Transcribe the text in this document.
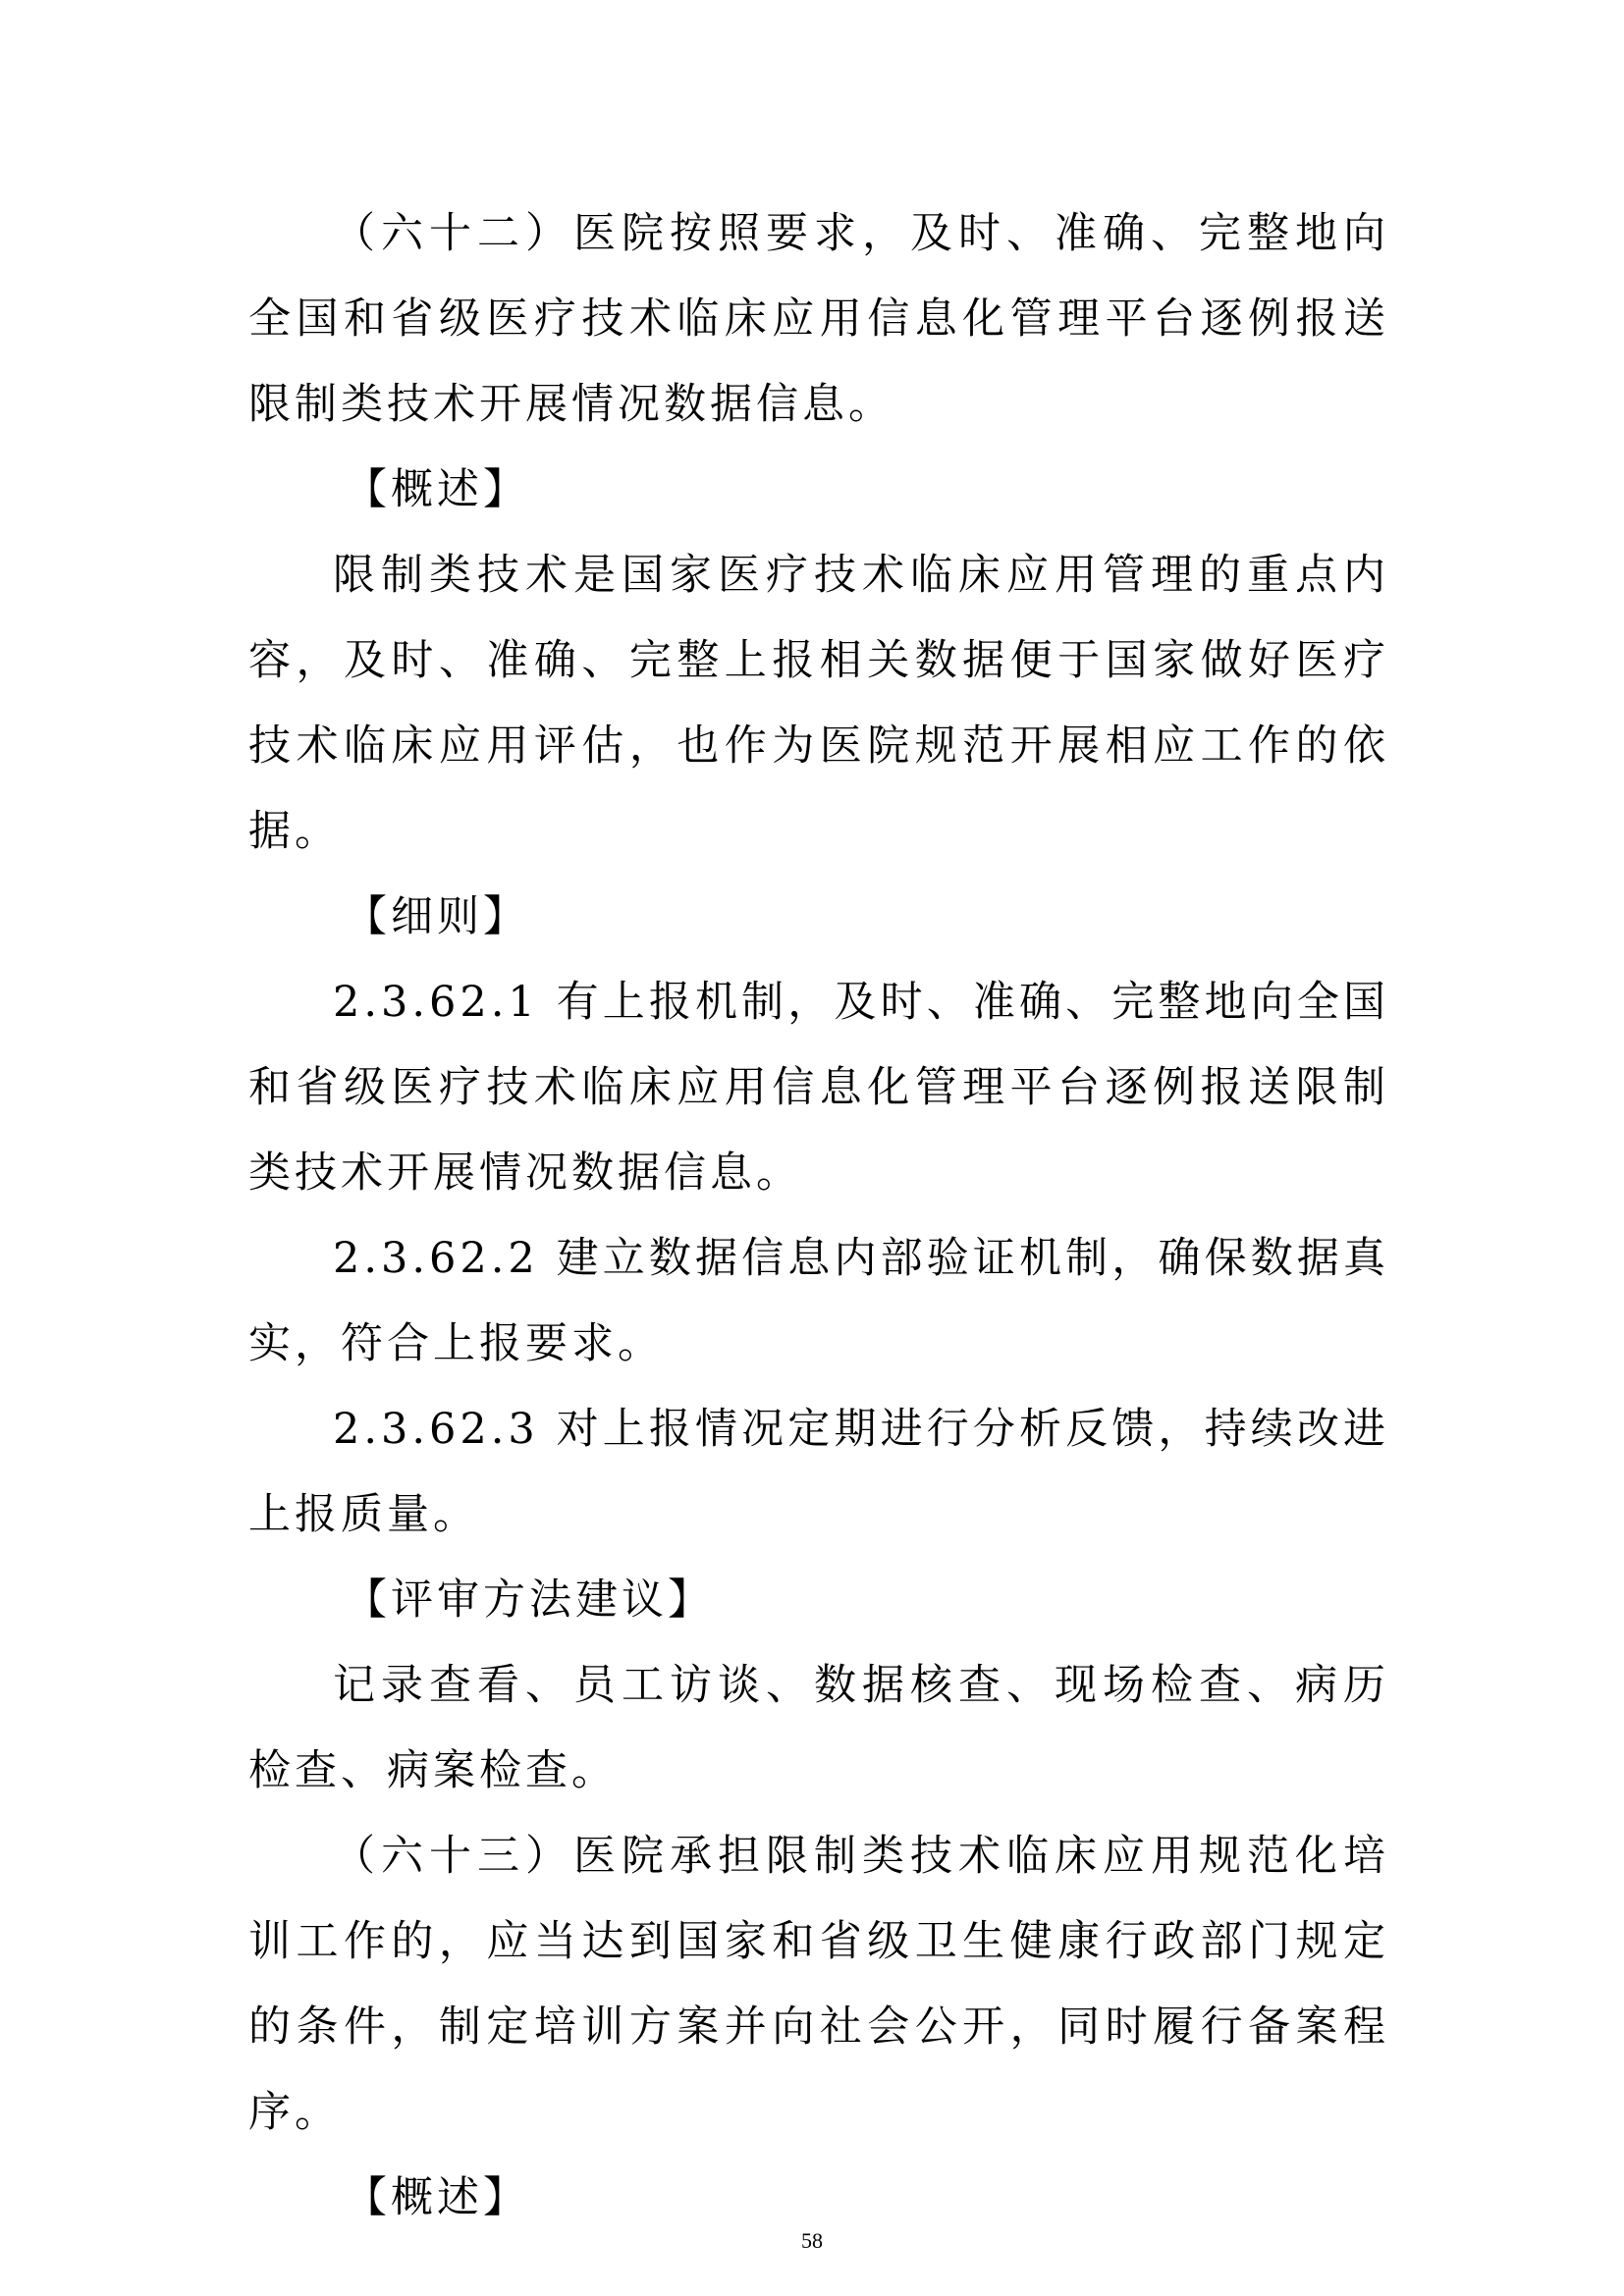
（六十二）医院按照要求，及时、准确、完整地向全国和省级医疗技术临床应用信息化管理平台逐例报送限制类技术开展情况数据信息。

【概述】

限制类技术是国家医疗技术临床应用管理的重点内容，及时、准确、完整上报相关数据便于国家做好医疗技术临床应用评估，也作为医院规范开展相应工作的依据。

【细则】

2.3.62.1 有上报机制，及时、准确、完整地向全国和省级医疗技术临床应用信息化管理平台逐例报送限制类技术开展情况数据信息。

2.3.62.2 建立数据信息内部验证机制，确保数据真实，符合上报要求。

2.3.62.3 对上报情况定期进行分析反馈，持续改进上报质量。

【评审方法建议】

记录查看、员工访谈、数据核查、现场检查、病历检查、病案检查。

（六十三）医院承担限制类技术临床应用规范化培训工作的，应当达到国家和省级卫生健康行政部门规定的条件，制定培训方案并向社会公开，同时履行备案程序。

【概述】

58
